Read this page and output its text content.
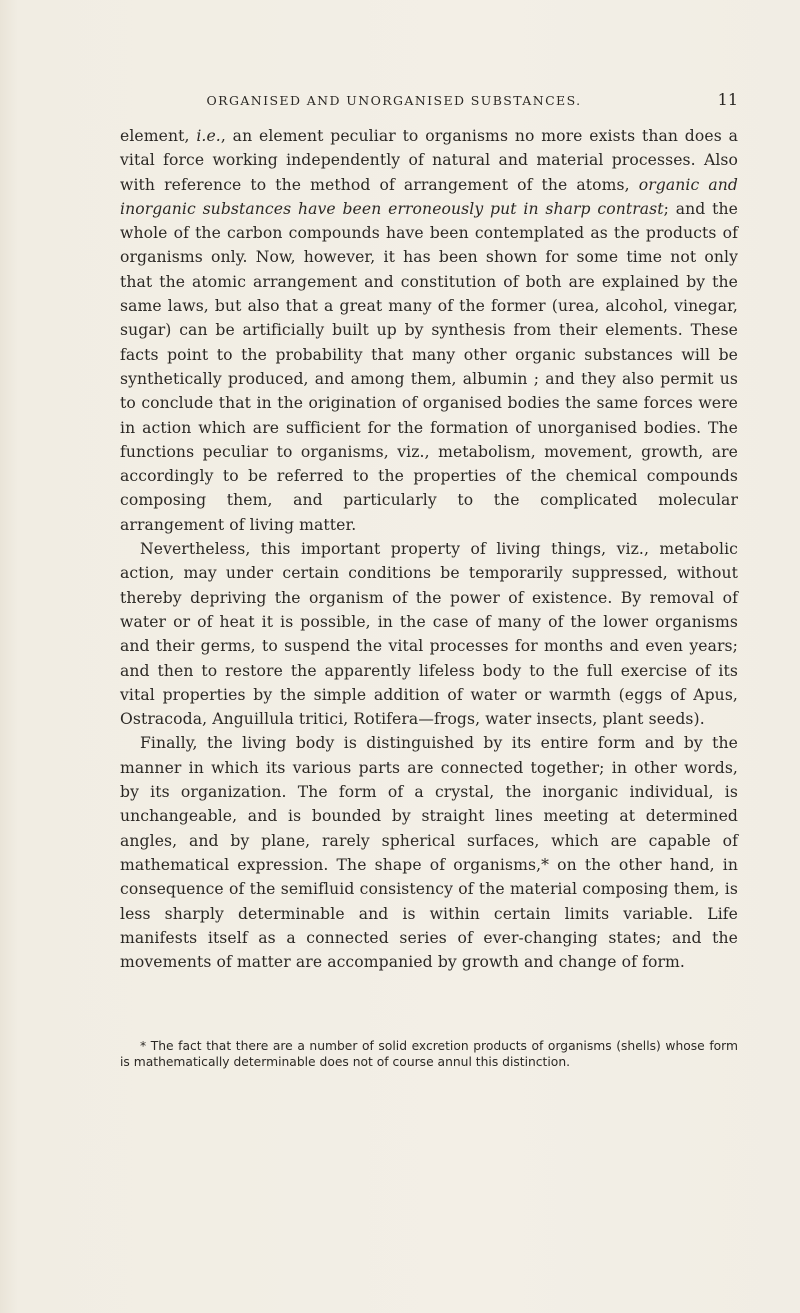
ORGANISED AND UNORGANISED SUBSTANCES.	11

element, i.e., an element peculiar to organisms no more exists than does a vital force working independently of natural and material processes. Also with reference to the method of arrangement of the atoms, organic and inorganic substances have been erroneously put in sharp contrast; and the whole of the carbon compounds have been contemplated as the products of organisms only. Now, however, it has been shown for some time not only that the atomic arrangement and constitution of both are explained by the same laws, but also that a great many of the former (urea, alcohol, vinegar, sugar) can be artificially built up by synthesis from their elements. These facts point to the probability that many other organic substances will be synthetically produced, and among them, albumin ; and they also permit us to conclude that in the origination of organised bodies the same forces were in action which are sufficient for the formation of unorganised bodies. The functions peculiar to organisms, viz., metabolism, movement, growth, are accordingly to be referred to the properties of the chemical compounds composing them, and particularly to the complicated molecular arrangement of living matter.

Nevertheless, this important property of living things, viz., metabolic action, may under certain conditions be temporarily suppressed, without thereby depriving the organism of the power of existence. By removal of water or of heat it is possible, in the case of many of the lower organisms and their germs, to suspend the vital processes for months and even years; and then to restore the apparently lifeless body to the full exercise of its vital properties by the simple addition of water or warmth (eggs of Apus, Ostracoda, Anguillula tritici, Rotifera—frogs, water insects, plant seeds).

Finally, the living body is distinguished by its entire form and by the manner in which its various parts are connected together; in other words, by its organization. The form of a crystal, the inorganic individual, is unchangeable, and is bounded by straight lines meeting at determined angles, and by plane, rarely spherical surfaces, which are capable of mathematical expression. The shape of organisms,* on the other hand, in consequence of the semifluid consistency of the material composing them, is less sharply determinable and is within certain limits variable. Life manifests itself as a connected series of ever-changing states; and the movements of matter are accompanied by growth and change of form.

* The fact that there are a number of solid excretion products of organisms (shells) whose form is mathematically determinable does not of course annul this distinction.
